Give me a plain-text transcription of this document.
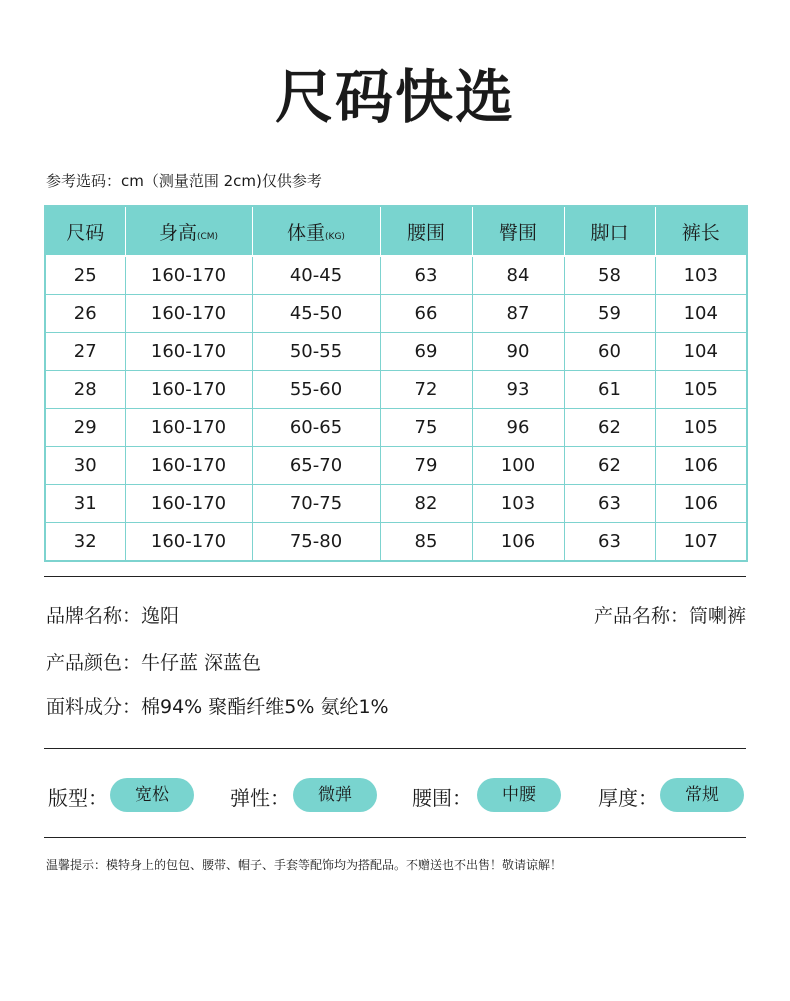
尺码快选
参考选码：cm（测量范围 2cm)仅供参考
尺码	身高(CM)	体重(KG)	腰围	臀围	脚口	裤长
25	160-170	40-45	63	84	58	103
26	160-170	45-50	66	87	59	104
27	160-170	50-55	69	90	60	104
28	160-170	55-60	72	93	61	105
29	160-170	60-65	75	96	62	105
30	160-170	65-70	79	100	62	106
31	160-170	70-75	82	103	63	106
32	160-170	75-80	85	106	63	107
品牌名称：逸阳	产品名称：筒喇裤
产品颜色：牛仔蓝 深蓝色
面料成分：棉94% 聚酯纤维5% 氨纶1%
版型：	宽松	弹性：	微弹	腰围：	中腰	厚度：	常规
温馨提示：模特身上的包包、腰带、帽子、手套等配饰均为搭配品。不赠送也不出售！敬请谅解！
